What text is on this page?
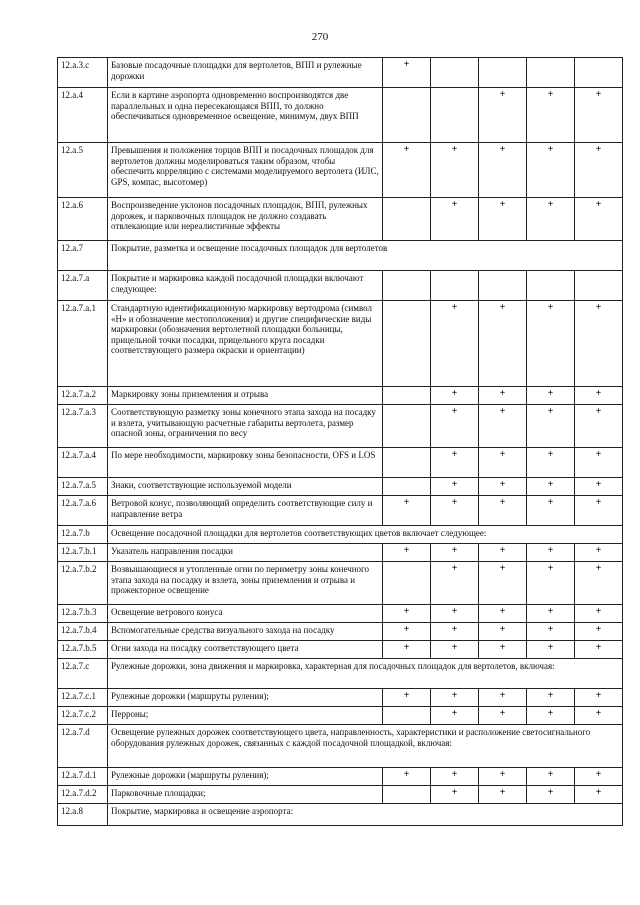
270
12.a.3.c	Базовые посадочные площадки для вертолетов, ВПП и рулежные дорожки	+				
12.a.4	Если в картине аэропорта одновременно воспроизводятся две параллельных и одна пересекающаяся ВПП, то должно обеспечиваться одновременное освещение, минимум, двух ВПП			+	+	+
12.a.5	Превышения и положения торцов ВПП и посадочных площадок для вертолетов должны моделироваться таким образом, чтобы обеспечить корреляцию с системами моделируемого вертолета (ИЛС, GPS, компас, высотомер)	+	+	+	+	+
12.a.6	Воспроизведение уклонов посадочных площадок, ВПП, рулежных дорожек, и парковочных площадок не должно создавать отвлекающие или нереалистичные эффекты		+	+	+	+
12.a.7	Покрытие, разметка и освещение посадочных площадок для вертолетов					
12.a.7.a	Покрытие и маркировка каждой посадочной площадки включают следующее:					
12.a.7.a.1	Стандартную идентификационную маркировку вертодрома (символ «Н» и обозначение местоположения) и другие специфические виды маркировки (обозначения вертолетной площадки больницы, прицельной точки посадки, прицельного круга посадки соответствующего размера окраски и ориентации)		+	+	+	+
12.a.7.a.2	Маркировку зоны приземления и отрыва		+	+	+	+
12.a.7.a.3	Соответствующую разметку зоны конечного этапа захода на посадку и взлета, учитывающую расчетные габариты вертолета, размер опасной зоны, ограничения по весу		+	+	+	+
12.a.7.a.4	По мере необходимости, маркировку зоны безопасности, OFS и LOS		+	+	+	+
12.a.7.a.5	Знаки, соответствующие используемой модели		+	+	+	+
12.a.7.a.6	Ветровой конус, позволяющий определить соответствующие силу и направление ветра	+	+	+	+	+
12.a.7.b	Освещение посадочной площадки для вертолетов соответствующих цветов включает следующее:					
12.a.7.b.1	Указатель направления посадки	+	+	+	+	+
12.a.7.b.2	Возвышающиеся и утопленные огни по периметру зоны конечного этапа захода на посадку и взлета, зоны приземления и отрыва и прожекторное освещение		+	+	+	+
12.a.7.b.3	Освещение ветрового конуса	+	+	+	+	+
12.a.7.b.4	Вспомогательные средства визуального захода на посадку	+	+	+	+	+
12.a.7.b.5	Огни захода на посадку соответствующего цвета	+	+	+	+	+
12.a.7.c	Рулежные дорожки, зона движения и маркировка, характерная для посадочных площадок для вертолетов, включая:					
12.a.7.c.1	Рулежные дорожки (маршруты руления);	+	+	+	+	+
12.a.7.c.2	Перроны;		+	+	+	+
12.a.7.d	Освещение рулежных дорожек соответствующего цвета, направленность, характеристики и расположение светосигнального оборудования рулежных дорожек, связанных с каждой посадочной площадкой, включая:					
12.a.7.d.1	Рулежные дорожки (маршруты руления);	+	+	+	+	+
12.a.7.d.2	Парковочные площадки;		+	+	+	+
12.a.8	Покрытие, маркировка и освещение аэропорта:					
